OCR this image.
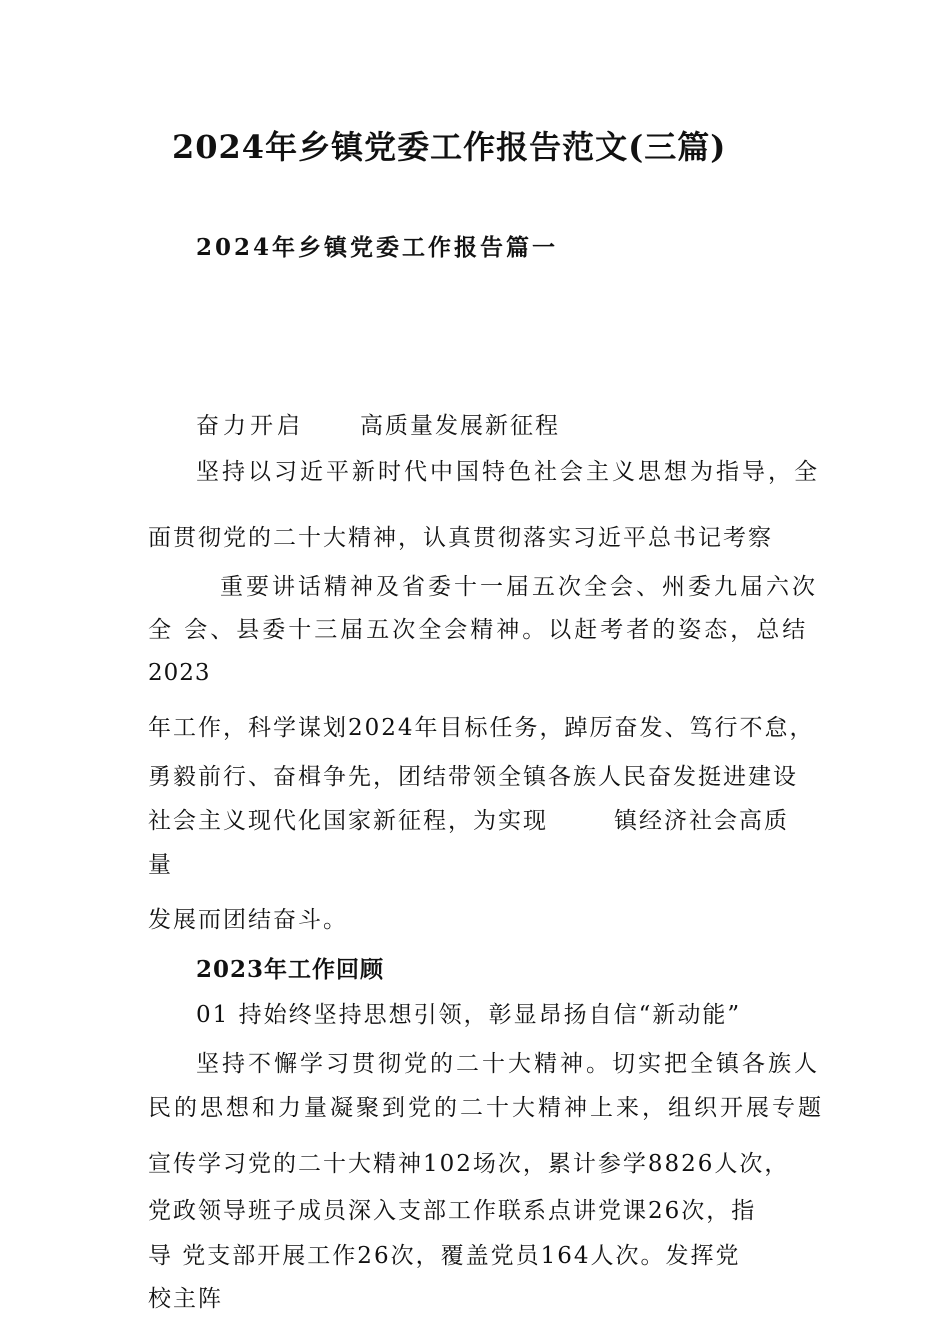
2024年乡镇党委工作报告范文(三篇)
2024年乡镇党委工作报告篇一
奋力开启 高质量发展新征程
坚持以习近平新时代中国特色社会主义思想为指导，全
面贯彻党的二十大精神，认真贯彻落实习近平总书记考察
重要讲话精神及省委十一届五次全会、州委九届六次
全 会、县委十三届五次全会精神。以赶考者的姿态，总结
2023
年工作，科学谋划2024年目标任务，踔厉奋发、笃行不怠，
勇毅前行、奋楫争先，团结带领全镇各族人民奋发挺进建设
社会主义现代化国家新征程，为实现	镇经济社会高质
量
发展而团结奋斗。
2023年工作回顾
01 持始终坚持思想引领，彰显昂扬自信“新动能”
坚持不懈学习贯彻党的二十大精神。切实把全镇各族人
民的思想和力量凝聚到党的二十大精神上来，组织开展专题
宣传学习党的二十大精神102场次，累计参学8826人次，
党政领导班子成员深入支部工作联系点讲党课26次，指
导 党支部开展工作26次，覆盖党员164人次。发挥党
校主阵
